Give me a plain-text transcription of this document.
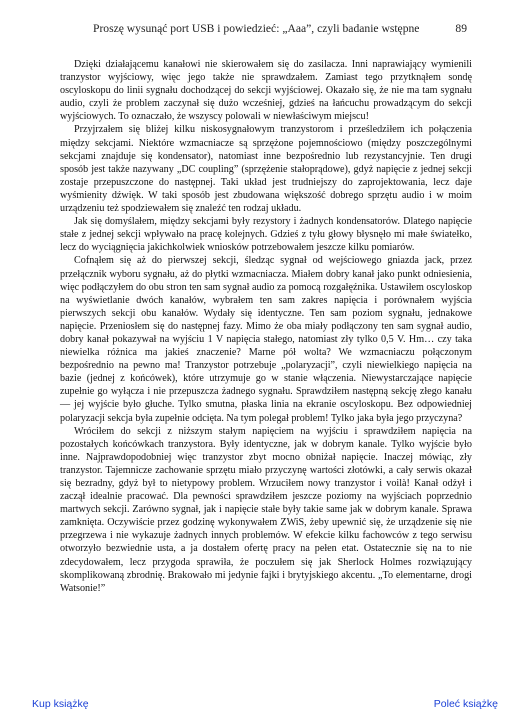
Proszę wysunąć port USB i powiedzieć: „Aaa”, czyli badanie wstępne	89

Dzięki działającemu kanałowi nie skierowałem się do zasilacza. Inni naprawiający wymienili tranzystor wyjściowy, więc jego także nie sprawdzałem. Zamiast tego przytknąłem sondę oscyloskopu do linii sygnału dochodzącej do sekcji wyjściowej. Okazało się, że nie ma tam sygnału audio, czyli że problem zaczynał się dużo wcześniej, gdzieś na łańcuchu prowadzącym do sekcji wyjściowych. To oznaczało, że wszyscy polowali w niewłaściwym miejscu!

Przyjrzałem się bliżej kilku niskosygnałowym tranzystorom i prześledziłem ich połączenia między sekcjami. Niektóre wzmacniacze są sprzężone pojemnościowo (między poszczególnymi sekcjami znajduje się kondensator), natomiast inne bezpośrednio lub rezystancyjnie. Ten drugi sposób jest także nazywany „DC coupling” (sprzężenie stałoprądowe), gdyż napięcie z jednej sekcji zostaje przepuszczone do następnej. Taki układ jest trudniejszy do zaprojektowania, lecz daje wyśmienity dźwięk. W taki sposób jest zbudowana większość dobrego sprzętu audio i w moim urządzeniu też spodziewałem się znaleźć ten rodzaj układu.

Jak się domyślałem, między sekcjami były rezystory i żadnych kondensatorów. Dlatego napięcie stałe z jednej sekcji wpływało na pracę kolejnych. Gdzieś z tyłu głowy błysnęło mi małe światełko, lecz do wyciągnięcia jakichkolwiek wniosków potrzebowałem jeszcze kilku pomiarów.

Cofnąłem się aż do pierwszej sekcji, śledząc sygnał od wejściowego gniazda jack, przez przełącznik wyboru sygnału, aż do płytki wzmacniacza. Miałem dobry kanał jako punkt odniesienia, więc podłączyłem do obu stron ten sam sygnał audio za pomocą rozgałęźnika. Ustawiłem oscyloskop na wyświetlanie dwóch kanałów, wybrałem ten sam zakres napięcia i porównałem wyjścia pierwszych sekcji obu kanałów. Wydały się identyczne. Ten sam poziom sygnału, jednakowe napięcie. Przeniosłem się do następnej fazy. Mimo że oba miały podłączony ten sam sygnał audio, dobry kanał pokazywał na wyjściu 1 V napięcia stałego, natomiast zły tylko 0,5 V. Hm… czy taka niewielka różnica ma jakieś znaczenie? Marne pół wolta? We wzmacniaczu połączonym bezpośrednio na pewno ma! Tranzystor potrzebuje „polaryzacji”, czyli niewielkiego napięcia na bazie (jednej z końcówek), które utrzymuje go w stanie włączenia. Niewystarczające napięcie zupełnie go wyłącza i nie przepuszcza żadnego sygnału. Sprawdziłem następną sekcję złego kanału — jej wyjście było głuche. Tylko smutna, płaska linia na ekranie oscyloskopu. Bez odpowiedniej polaryzacji sekcja była zupełnie odcięta. Na tym polegał problem! Tylko jaka była jego przyczyna?

Wróciłem do sekcji z niższym stałym napięciem na wyjściu i sprawdziłem napięcia na pozostałych końcówkach tranzystora. Były identyczne, jak w dobrym kanale. Tylko wyjście było inne. Najprawdopodobniej więc tranzystor zbyt mocno obniżał napięcie. Inaczej mówiąc, zły tranzystor. Tajemnicze zachowanie sprzętu miało przyczynę wartości złotówki, a cały serwis okazał się bezradny, gdyż był to nietypowy problem. Wrzuciłem nowy tranzystor i voilà! Kanał odżył i zaczął idealnie pracować. Dla pewności sprawdziłem jeszcze poziomy na wyjściach poprzednio martwych sekcji. Zarówno sygnał, jak i napięcie stałe były takie same jak w dobrym kanale. Sprawa zamknięta. Oczywiście przez godzinę wykonywałem ZWiS, żeby upewnić się, że urządzenie się nie przegrzewa i nie wykazuje żadnych innych problemów. W efekcie kilku fachowców z tego serwisu otworzyło bezwiednie usta, a ja dostałem ofertę pracy na pełen etat. Ostatecznie się na to nie zdecydowałem, lecz przygoda sprawiła, że poczułem się jak Sherlock Holmes rozwiązujący skomplikowaną zbrodnię. Brakowało mi jedynie fajki i brytyjskiego akcentu. „To elementarne, drogi Watsonie!”

Kup książkę	Poleć książkę
